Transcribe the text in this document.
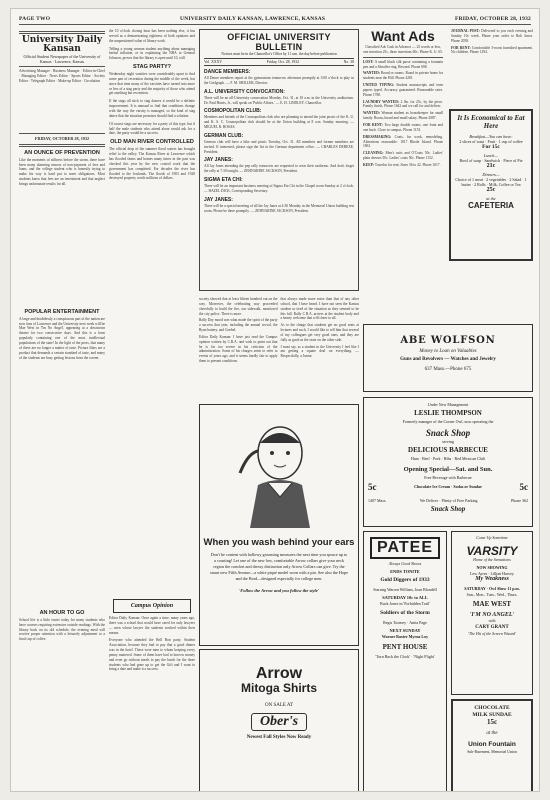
PAGE TWO	UNIVERSITY DAILY KANSAN, LAWRENCE, KANSAS	FRIDAY, OCTOBER 28, 1932
University Daily Kansan
Official Student Newspaper of the University of Kansas · Lawrence, Kansas
Advertising Manager · Business Manager · Editor-in-Chief · Managing Editor · News Editor · Sports Editor · Society Editor · Telegraph Editor · Make-up Editor · Circulation
FRIDAY, OCTOBER 28, 1932
AN OUNCE OF PREVENTION
Like the moments of stillness before the storm, there have been many alarming rumors of non-payment of fees and loans, and the college student who is honestly trying to make his way is hard put to meet obligations. Most students know that fees are an investment and that neglect brings unfortunate results for all.
POPULAR ENTERTAINMENT
A large and doubtlessly a conspicuous part of the nation are now fans of Lawrence and the University next week will be Mae West in 'I'm No Angel', appearing at a downtown theater for two consecutive days. And this is a form popularly containing one of the most intellectual populations of the state! In the light of the press, that many of these are no longer a matter of taste. Picture films are a product that demands a certain standard of taste, and many of the students are busy getting lessons from the screen.
AN HOUR TO GO
School life is a little easier today for many students who have courses requiring extensive outside readings. With the library back on its old schedule, the evening meal will receive proper attention with a leisurely adjustment to a final cup of coffee.
the 10 o'clock closing hour has been nothing else, it has served as a demonstrating rightness of both opinions and the unquestioned value of library work.
Telling a young woman student anything about managing herbal inflation, or in explaining the NRA to General Johnson, proves that the library is open until 10, still.
STAG PARTY?
Wednesday night varsities were considerably upset to find some part of recreation during the middle of the week, but since that time many of the varsities have turned into more or less of a stag party and the majority of those who attend get anything but recreation.
If the stags all stick to stag dances it would be a definite improvement. It is unusual to find that conditions change with the way the varsity is managed, so the kind of stag dance that the situation promises should find a solution.
Of course stags are necessary for a party of this type, but if half the male students who attend alone would ask for a date, the party would be a success.
OLD MAN RIVER CONTROLLED
The official drop of the summer flood waters has brought relief to the valley. The Kansas River at Lawrence which has flooded farms and homes many times in the past was checked this year by the new control work that the government has completed. For decades the river has flooded to the lowlands. The floods of 1903 and 1928 destroyed property worth millions of dollars.
Campus Opinion
Editor Daily Kansan: Once again a time, many years ago, there was a school that would have cared for only lawyers — men whose lawyer the students worked within their means.
Everyone who attended the Bell Bon party. Student Association, because they had to pay that a good dinner was in the hotel. These were men to whom keeping every penny mattered. Some of them have had to borrow money and even go without meals to pay the lunch for the three students who had gone up to get the Gift and I want to bring a date and make it a success.
OFFICIAL UNIVERSITY BULLETIN
Notices must be in the Chancellor's Office by 11 a.m. the day before publication
Vol. XXXV	Friday, Oct. 28, 1932	No. 38
DANCE MEMBERS:
All Dance members report at the gymnasium tomorrow afternoon promptly at 3:00 o'clock to play in the Gridgraph. — F. M. SHILLER, Director.
A.L. UNIVERSITY CONVOCATION:
There will be an all-University convocation Monday, Oct. 31, at 10 a.m. in the University auditorium. Dr. Paul Harris, Jr., will speak on 'Public Affairs.' — E. H. LINDLEY, Chancellor.
COSMOPOLITAN CLUB:
Members and friends of the Cosmopolitan club who are planning to attend the joint picnic of the K. U. and K. S. C. Cosmopolitan club should be at the Union building at 8 a.m. Sunday morning. — MIGUEL R. ROSAS.
GERMAN CLUB:
German club will have a hike and picnic Tuesday, Oct. 31. All members and former members are invited. If interested, please sign the list in the German department office. — CHARLES DEREXE, President.
JAY JANES:
All Jay Janes attending the pep rally tomorrow are requested to wear their uniforms. And don't forget the rally at 7:30 tonight. — ZEHNARINE JACKSON, President.
SIGMA ETA CHI:
There will be an important business meeting of Sigma Eta Chi in the Chapel room Sunday at 2 o'clock. — HAZEL DICK, Corresponding Secretary.
JAY JANES:
There will be a special meeting of all the Jay Janes at 4:30 Monday in the Memorial Union building rest room. Please be there promptly. — ZEHNARINE JACKSON, President.
society showed that at least fifteen hundred out on the way. Moreover, the celebrating way proceeded cheerfully to build the fire, our sidewalk, monitored the city police. There is more.
Rally Day mood was what made the spirit of the party a success that year, including the annual crowd, the Ryan battery, and Goebel.
Editor Daily Kansan: I have just read the Campus opinion written by C.R.A. and wish to point out that he is far too severe in his criticism of the administration. Some of his charges seem to refer to events of years ago, and it seems hardly fair to apply them to present conditions.
that always made more noise than that of any other school, that I have heard. I have not seen the Kansas student so tired of the situation as they seemed to be this fall. Rally C.R.A. arrives at the student body and a hearty welcome that will cheer to all.
As to the charge that students get no good seats at lectures and such, I would like to tell him that several of my colleagues get very good ones, and they are fully as good as the seats on the other side.
I must say, as a student in the University I feel like I am getting a square deal on everything. — Respectfully, a Junior.
When you wash behind your ears
Don't be content with hollowy grooming measures the next time you spruce up to a courting! Let one of the new low, comfortable Arrow collars give your neck region the comfort and dressy distinction only Arrow Collars can give. Try the smart new Fifth Avenue—a white piqué model worn with a pin. See also the Hope and the Bord—designed especially for college men.
'Follow the Arrow and you follow the style'
Arrow
Mitoga Shirts
ON SALE AT
Ober's
Newest Fall Styles Now Ready
Want Ads
Classified Ads Cash in Advance — 25 words or less, one insertion 25c, three insertions 60c. Phone K. U. 65.
LOST: A small black silk purse containing a fountain pen and a Sheaffer ring. Reward. Phone 698.
WANTED: Board or rooms. Board in private home for students near the Hill. Phone 2281.
UNITED TYPING: Student manuscripts and term papers typed. Accuracy guaranteed. Reasonable rates. Phone 1780.
LAUNDRY WANTED: 2 lbs. for 25c, by the piece. Family finish. Phone 1642 and we call for and deliver.
WANTED: Woman student as housekeeper for small family. Room, board and small salary. Phone 2087.
FOR RENT: Two large double rooms, one front and one back. Close to campus. Phone 1153.
DRESSMAKING: Coats, fur work, remodeling. Alterations reasonable. 1017 Rhode Island. Phone 1861.
CLEANING: Men's suits and O'Coats 50c. Ladies' plain dresses 50c. Ladies' coats 50c. Phone 1152.
KEEP: Tuxedos for rent. Sizes 36 to 42. Phone 1617.
JOURNAL-POST: Delivered to you each evening and Sunday 10c week. Phone your order to Bob Jones. Phone 2058.
FOR RENT: Comfortable 3-room furnished apartment. No children. Phone 1294.
It Is Economical to Eat Here
Breakfast—You can have:
2 slices of toast · Fruit · 1 cup of coffee
For 15c
Lunch—
Bowl of soup · Sandwich · Piece of Pie
21c
Dinners—
Choice of 1 meat · 2 vegetables · 2 Salad · 1 butter · 2 Rolls · Milk, Coffee or Tea
25c
at the
CAFETERIA
ABE WOLFSON
Money to Loan on Valuables
Guns and Revolvers — Watches and Jewelry
637 Mass.—Phone 675
Under New Management
LESLIE THOMPSON
Formerly manager of the Corner Owl, now operating the
Snack Shop
serving
DELICIOUS BARBECUE
Ham · Beef · Pork · Ribs · Red Mexican Chili
Opening Special—Sat. and Sun.
Free Beverage with Barbecue
5c	Chocolate Ice Cream · Sodas or Sundae	5c
1407 Mass.	We Deliver · Plenty of Free Parking	Phone 362
Snack Shop
PATEE
Always Good Shows
ENDS TONITE
Gold Diggers of 1933
Starring Warren William, Joan Blondell
SATURDAY 10c to ALL
Buck Jones in 'Forbidden Trail'
Soldiers of the Storm
Regis Toomey · Anita Page
NEXT SUNDAY
Warner Baxter Myrna Loy
PENT HOUSE
'Turn Back the Clock' · 'Night Flight'
Come Up Sometime
VARSITY
Home of the Sensations
NOW SHOWING
Lew Ayres · Lillian Harvey
My Weakness
SATURDAY · Owl Show 11 p.m.
Sun., Mon., Tues., Wed., Thurs.
MAE WEST
'I'M NO ANGEL'
with
CARY GRANT
'The Hit of the Screen Wizard'
CHOCOLATE
MILK SUNDAE
15c
at the
Union Fountain
Sub-Basement, Memorial Union
